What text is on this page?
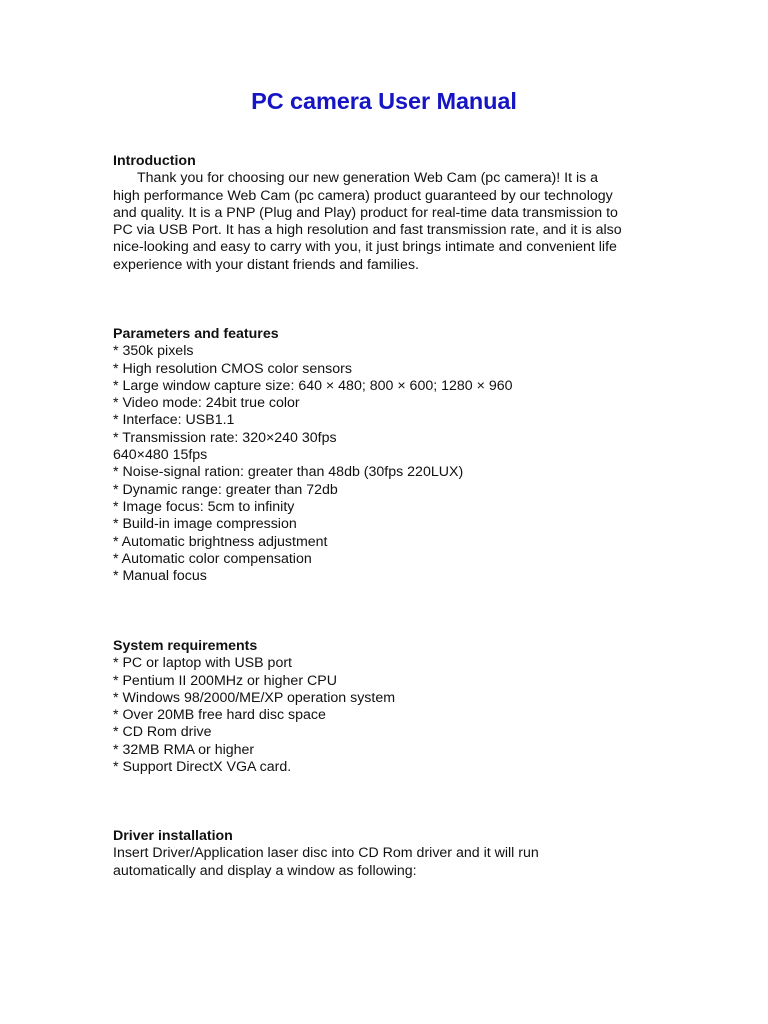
PC camera User Manual

Introduction

Thank you for choosing our new generation Web Cam (pc camera)! It is a

high performance Web Cam (pc camera) product guaranteed by our technology

and quality. It is a PNP (Plug and Play) product for real-time data transmission to

PC via USB Port. It has a high resolution and fast transmission rate, and it is also

nice-looking and easy to carry with you, it just brings intimate and convenient life

experience with your distant friends and families.

Parameters and features

* 350k pixels
* High resolution CMOS color sensors
* Large window capture size: 640 × 480; 800 × 600; 1280 × 960
* Video mode: 24bit true color
* Interface: USB1.1
* Transmission rate: 320×240 30fps
640×480 15fps
* Noise-signal ration: greater than 48db (30fps 220LUX)
* Dynamic range: greater than 72db
* Image focus: 5cm to infinity
* Build-in image compression
* Automatic brightness adjustment
* Automatic color compensation
* Manual focus

System requirements

* PC or laptop with USB port
* Pentium II 200MHz or higher CPU
* Windows 98/2000/ME/XP operation system
* Over 20MB free hard disc space
* CD Rom drive
* 32MB RMA or higher
* Support DirectX VGA card.

Driver installation

Insert Driver/Application laser disc into CD Rom driver and it will run

automatically and display a window as following:
